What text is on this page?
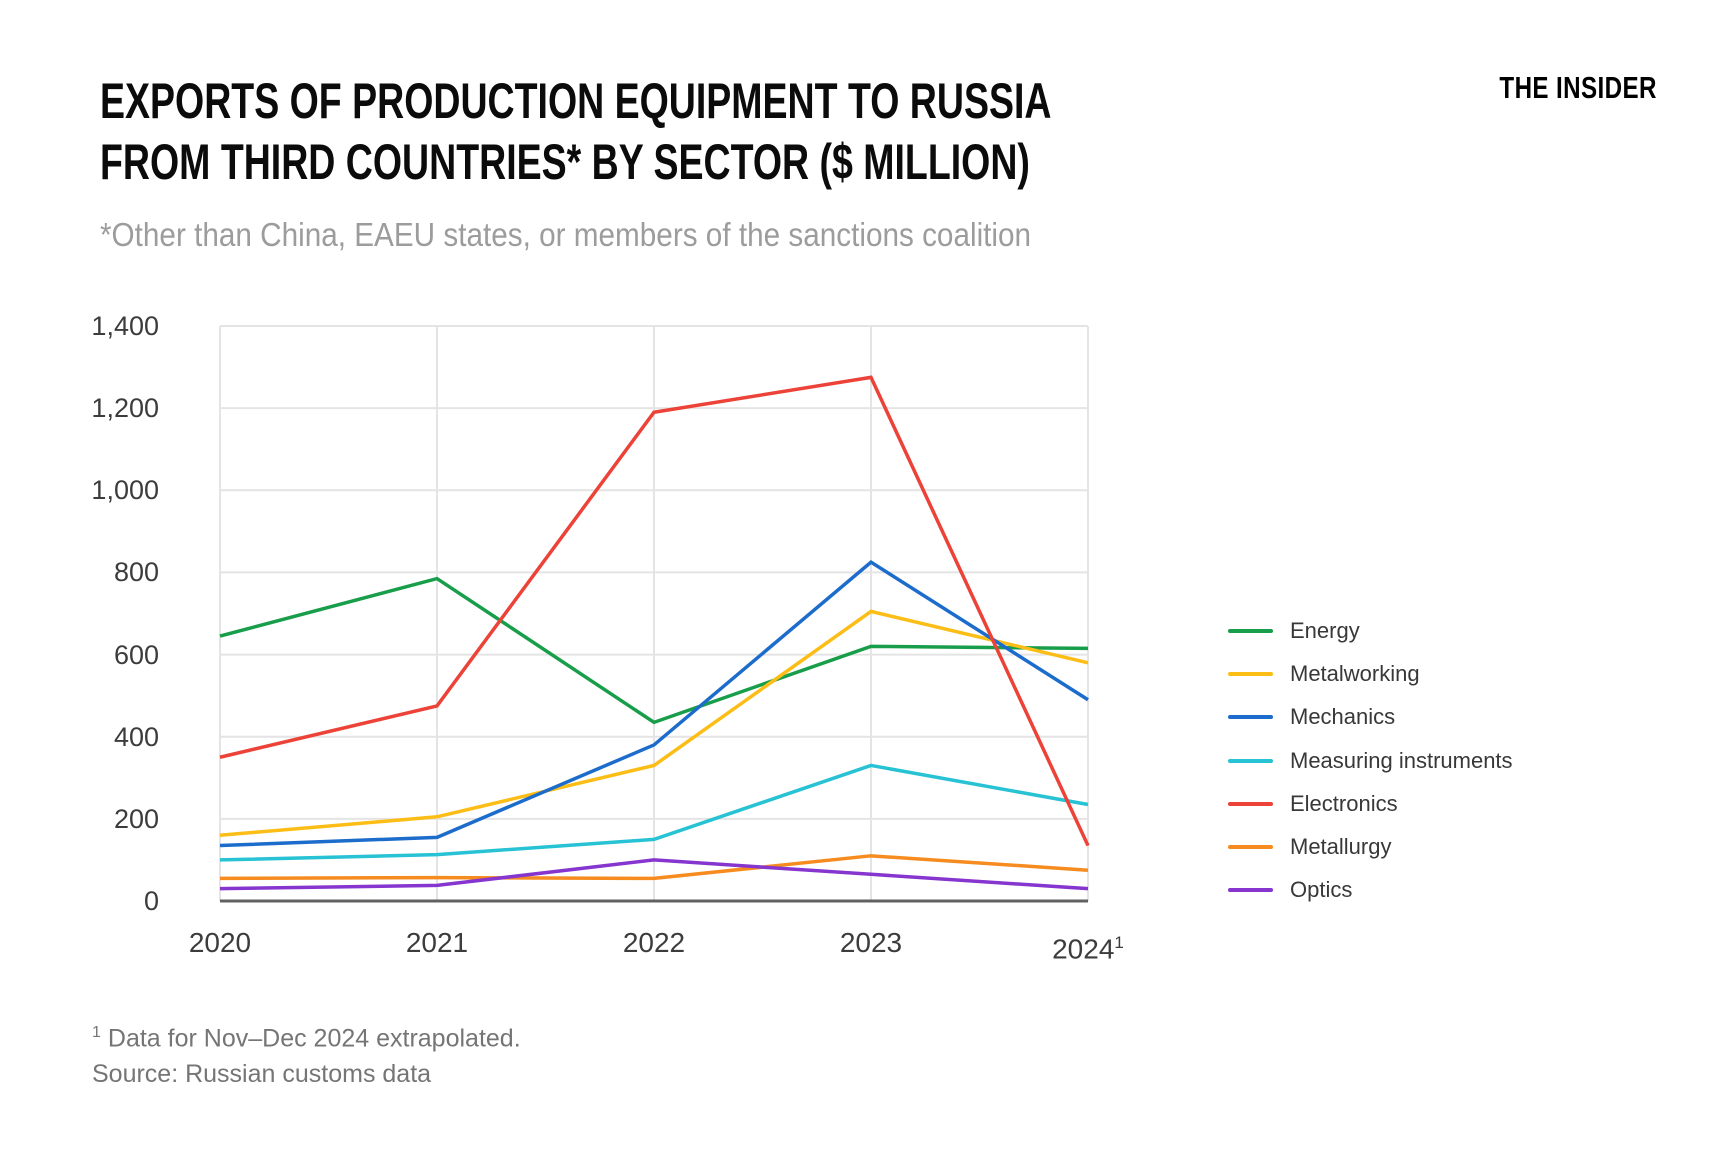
EXPORTS OF PRODUCTION EQUIPMENT TO RUSSIA
FROM THIRD COUNTRIES* BY SECTOR ($ MILLION)
THE INSIDER
*Other than China, EAEU states, or members of the sanctions coalition
0
200
400
600
800
1,000
1,200
1,400
2020	2021	2022	2023	2024$^1$
Energy
Metalworking
Mechanics
Measuring instruments
Electronics
Metallurgy
Optics
$^1$ Data for Nov–Dec 2024 extrapolated.
Source: Russian customs data
